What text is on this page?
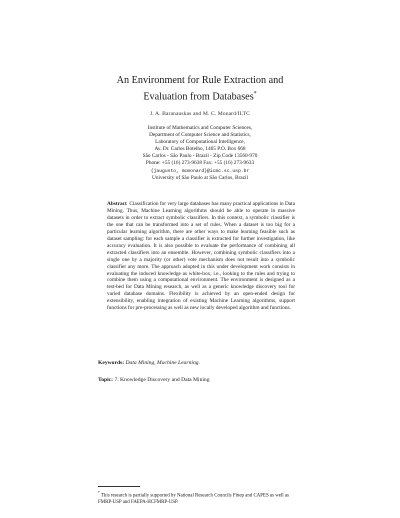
An Environment for Rule Extraction and
Evaluation from Databases*
J. A. Baranauskas and M. C. Monard/ILTC
Institute of Mathematics and Computer Sciences,
Department of Computer Science and Statistics,
Laboratory of Computational Intelligence,
Av. Dr. Carlos Botelho, 1465 P.O. Box 668
São Carlos - São Paulo - Brazil - Zip Code 13560-970
Phone: +55 (16) 273-9638 Fax: +55 (16) 273-9633
{jaugusto, mcmonard}@icmc.sc.usp.br
University of São Paulo at São Carlos, Brazil
Abstract Classification for very large databases has many practical applications in Data Mining. Thus, Machine Learning algorithms should be able to operate in massive datasets in order to extract symbolic classifiers. In this context, a symbolic classifier is the one that can be transformed into a set of rules. When a dataset is too big for a particular learning algorithm, there are other ways to make learning feasible such as dataset sampling: for each sample a classifier is extracted for further investigation, like accuracy evaluation. It is also possible to evaluate the performance of combining all extracted classifiers into an ensemble. However, combining symbolic classifiers into a single one by a majority (or other) vote mechanism does not result into a symbolic classifier any more. The approach adopted in this under development work consists in evaluating the induced knowledge as white-box, i.e., looking to the rules and trying to combine them using a computational environment. The environment is designed as a test-bed for Data Mining research, as well as a generic knowledge discovery tool for varied database domains. Flexibility is achieved by an open-ended design for extensibility, enabling integration of existing Machine Learning algorithms, support functions for pre-processing as well as new locally developed algorithm and functions.
Keywords: Data Mining, Machine Learning.
Topic: 7. Knowledge Discovery and Data Mining
* This research is partially supported by National Research Councils Finep and CAPES as well as FMRP-USP and FAEPA-HCFMRP-USP.
